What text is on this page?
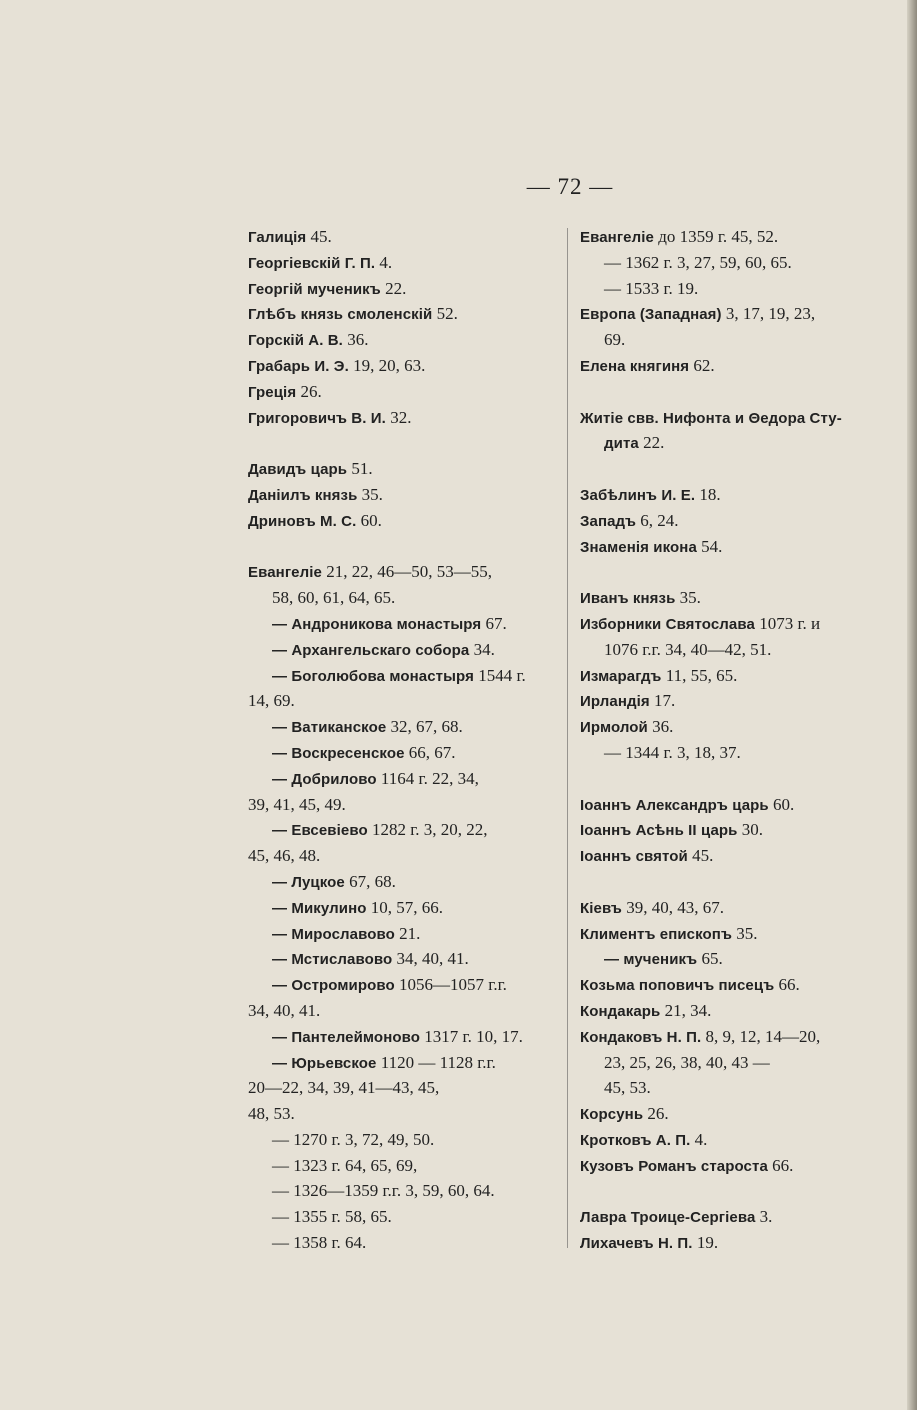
— 72 —
Галиція 45.
Георгіевскій Г. П. 4.
Георгій мученикъ 22.
Глѣбъ князь смоленскій 52.
Горскій А. В. 36.
Грабарь И. Э. 19, 20, 63.
Греція 26.
Григоровичъ В. И. 32.
Давидъ царь 51.
Даніилъ князь 35.
Дриновъ М. С. 60.
Евангеліе 21, 22, 46—50, 53—55,
58, 60, 61, 64, 65.
— Андроникова монастыря 67.
— Архангельскаго собора 34.
— Боголюбова монастыря 1544 г.
14, 69.
— Ватиканское 32, 67, 68.
— Воскресенское 66, 67.
— Добрилово 1164 г. 22, 34,
39, 41, 45, 49.
— Евсевіево 1282 г. 3, 20, 22,
45, 46, 48.
— Луцкое 67, 68.
— Микулино 10, 57, 66.
— Мирославово 21.
— Мстиславово 34, 40, 41.
— Остромирово 1056—1057 г.г.
34, 40, 41.
— Пантелеймоново 1317 г. 10, 17.
— Юрьевское 1120 — 1128 г.г.
20—22, 34, 39, 41—43, 45,
48, 53.
— 1270 г. 3, 72, 49, 50.
— 1323 г. 64, 65, 69,
— 1326—1359 г.г. 3, 59, 60, 64.
— 1355 г. 58, 65.
— 1358 г. 64.
Евангеліе до 1359 г. 45, 52.
— 1362 г. 3, 27, 59, 60, 65.
— 1533 г. 19.
Европа (Западная) 3, 17, 19, 23,
69.
Елена княгиня 62.
Житіе свв. Нифонта и Θедора Сту-
дита 22.
Забѣлинъ И. Е. 18.
Западъ 6, 24.
Знаменія икона 54.
Иванъ князь 35.
Изборники Святослава 1073 г. и
1076 г.г. 34, 40—42, 51.
Измарагдъ 11, 55, 65.
Ирландія 17.
Ирмолой 36.
— 1344 г. 3, 18, 37.
Іоаннъ Александръ царь 60.
Іоаннъ Асѣнь II царь 30.
Іоаннъ святой 45.
Кіевъ 39, 40, 43, 67.
Климентъ епископъ 35.
— мученикъ 65.
Козьма поповичъ писецъ 66.
Кондакарь 21, 34.
Кондаковъ Н. П. 8, 9, 12, 14—20,
23, 25, 26, 38, 40, 43 —
45, 53.
Корсунь 26.
Кротковъ А. П. 4.
Кузовъ Романъ староста 66.
Лавра Троице-Сергіева 3.
Лихачевъ Н. П. 19.
